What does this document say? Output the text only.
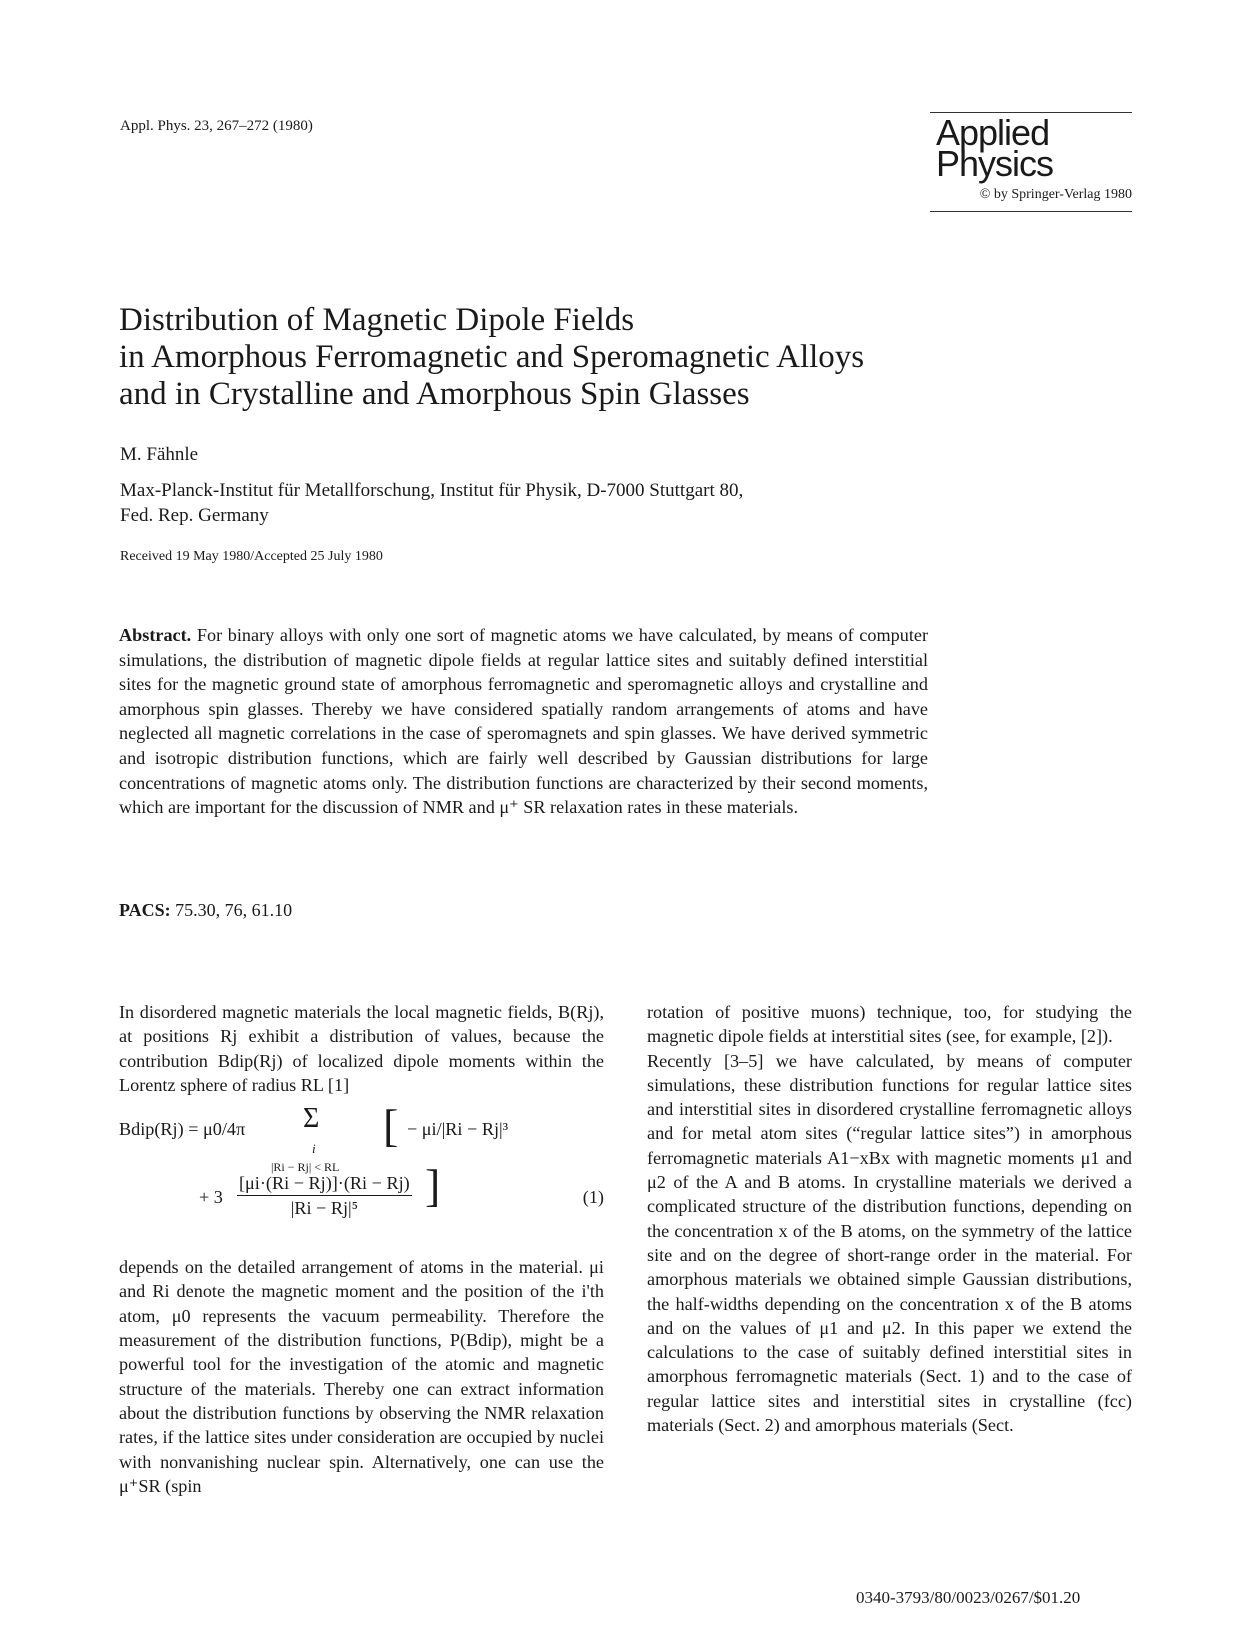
Appl. Phys. 23, 267–272 (1980)	Applied
Physics
© by Springer-Verlag 1980
Distribution of Magnetic Dipole Fields
in Amorphous Ferromagnetic and Speromagnetic Alloys
and in Crystalline and Amorphous Spin Glasses
M. Fähnle
Max-Planck-Institut für Metallforschung, Institut für Physik, D-7000 Stuttgart 80,
Fed. Rep. Germany
Received 19 May 1980/Accepted 25 July 1980

Abstract. For binary alloys with only one sort of magnetic atoms we have calculated, by means of computer simulations, the distribution of magnetic dipole fields at regular lattice sites and suitably defined interstitial sites for the magnetic ground state of amorphous ferromagnetic and speromagnetic alloys and crystalline and amorphous spin glasses. Thereby we have considered spatially random arrangements of atoms and have neglected all magnetic correlations in the case of speromagnets and spin glasses. We have derived symmetric and isotropic distribution functions, which are fairly well described by Gaussian distributions for large concentrations of magnetic atoms only. The distribution functions are characterized by their second moments, which are important for the discussion of NMR and μ⁺ SR relaxation rates in these materials.

PACS: 75.30, 76, 61.10

In disordered magnetic materials the local magnetic fields, B(Rj), at positions Rj exhibit a distribution of values, because the contribution Bdip(Rj) of localized dipole moments within the Lorentz sphere of radius RL [1]

Bdip(Rj) = μ0/4π Σ
i
|Ri − Rj| < RL
[ − μi/|Ri − Rj|³
+ $3 \frac{[\mu i\cdot(Ri - Rj)]\cdot(Ri - Rj)}{\text{|Ri − Rj|⁵}}$ ]	(1)

depends on the detailed arrangement of atoms in the material. μi and Ri denote the magnetic moment and the position of the i'th atom, μ0 represents the vacuum permeability. Therefore the measurement of the distribution functions, P(Bdip), might be a powerful tool for the investigation of the atomic and magnetic structure of the materials. Thereby one can extract information about the distribution functions by observing the NMR relaxation rates, if the lattice sites under consideration are occupied by nuclei with nonvanishing nuclear spin. Alternatively, one can use the μ⁺SR (spin

rotation of positive muons) technique, too, for studying the magnetic dipole fields at interstitial sites (see, for example, [2]).

Recently [3–5] we have calculated, by means of computer simulations, these distribution functions for regular lattice sites and interstitial sites in disordered crystalline ferromagnetic alloys and for metal atom sites (“regular lattice sites”) in amorphous ferromagnetic materials A1−xBx with magnetic moments μ1 and μ2 of the A and B atoms. In crystalline materials we derived a complicated structure of the distribution functions, depending on the concentration x of the B atoms, on the symmetry of the lattice site and on the degree of short-range order in the material. For amorphous materials we obtained simple Gaussian distributions, the half-widths depending on the concentration x of the B atoms and on the values of μ1 and μ2. In this paper we extend the calculations to the case of suitably defined interstitial sites in amorphous ferromagnetic materials (Sect. 1) and to the case of regular lattice sites and interstitial sites in crystalline (fcc) materials (Sect. 2) and amorphous materials (Sect.

0340-3793/80/0023/0267/$01.20
